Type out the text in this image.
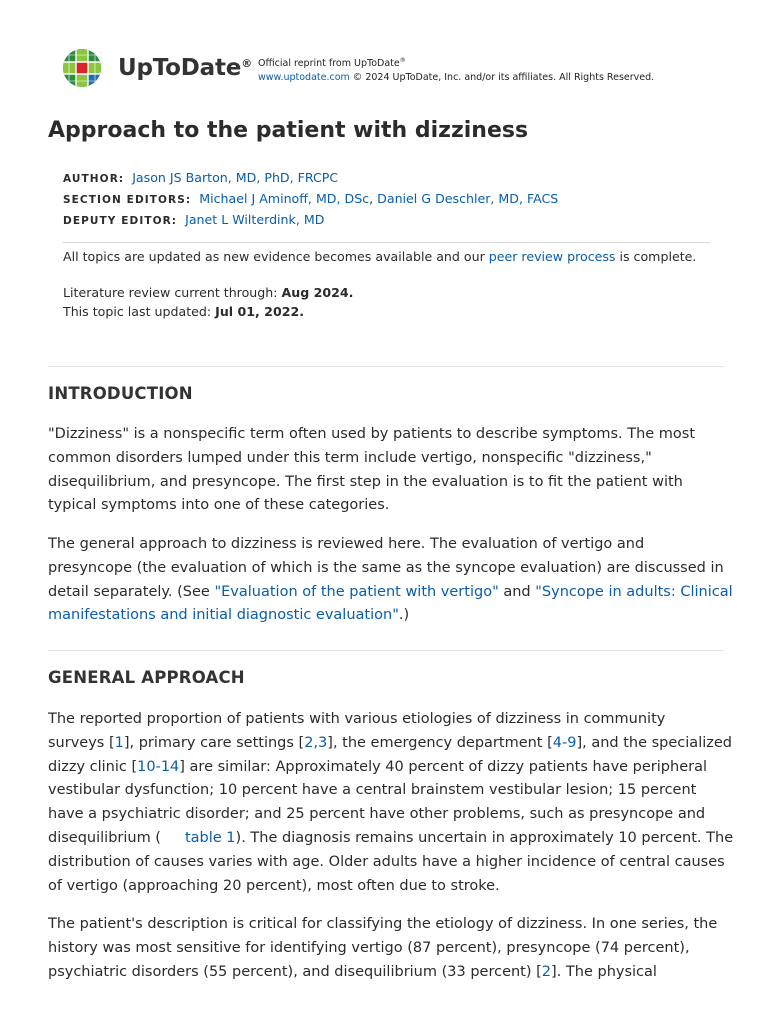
UpToDate® Official reprint from UpToDate®
www.uptodate.com © 2024 UpToDate, Inc. and/or its affiliates. All Rights Reserved.
Approach to the patient with dizziness
AUTHOR: Jason JS Barton, MD, PhD, FRCPC
SECTION EDITORS: Michael J Aminoff, MD, DSc, Daniel G Deschler, MD, FACS
DEPUTY EDITOR: Janet L Wilterdink, MD
All topics are updated as new evidence becomes available and our peer review process is complete.
Literature review current through: Aug 2024.
This topic last updated: Jul 01, 2022.
INTRODUCTION
"Dizziness" is a nonspecific term often used by patients to describe symptoms. The most
common disorders lumped under this term include vertigo, nonspecific "dizziness,"
disequilibrium, and presyncope. The first step in the evaluation is to fit the patient with
typical symptoms into one of these categories.
The general approach to dizziness is reviewed here. The evaluation of vertigo and
presyncope (the evaluation of which is the same as the syncope evaluation) are discussed in
detail separately. (See "Evaluation of the patient with vertigo" and "Syncope in adults: Clinical
manifestations and initial diagnostic evaluation".)
GENERAL APPROACH
The reported proportion of patients with various etiologies of dizziness in community
surveys [1], primary care settings [2,3], the emergency department [4-9], and the specialized
dizzy clinic [10-14] are similar: Approximately 40 percent of dizzy patients have peripheral
vestibular dysfunction; 10 percent have a central brainstem vestibular lesion; 15 percent
have a psychiatric disorder; and 25 percent have other problems, such as presyncope and
disequilibrium ( table 1). The diagnosis remains uncertain in approximately 10 percent. The
distribution of causes varies with age. Older adults have a higher incidence of central causes
of vertigo (approaching 20 percent), most often due to stroke.
The patient's description is critical for classifying the etiology of dizziness. In one series, the
history was most sensitive for identifying vertigo (87 percent), presyncope (74 percent),
psychiatric disorders (55 percent), and disequilibrium (33 percent) [2]. The physical
